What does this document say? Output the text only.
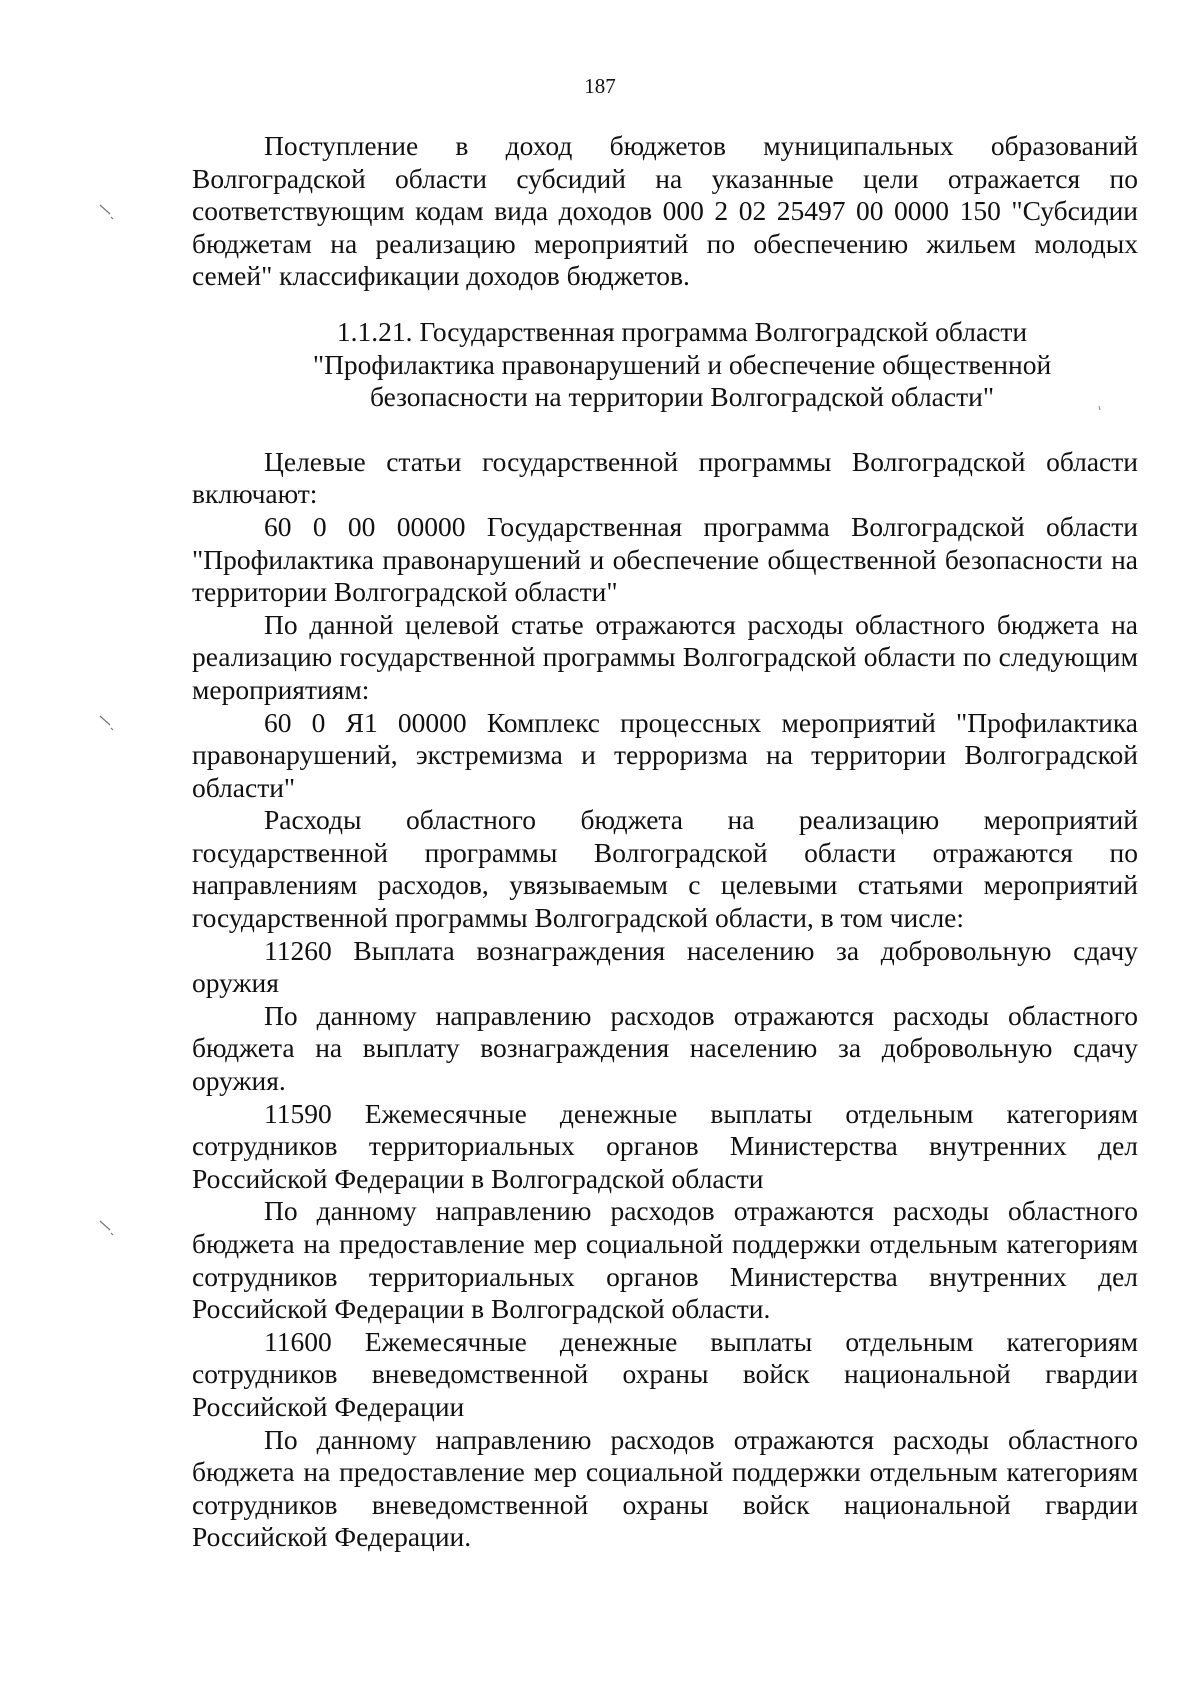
187

Поступление в доход бюджетов муниципальных образований Волгоградской области субсидий на указанные цели отражается по соответствующим кодам вида доходов 000 2 02 25497 00 0000 150 "Субсидии бюджетам на реализацию мероприятий по обеспечению жильем молодых семей" классификации доходов бюджетов.

1.1.21. Государственная программа Волгоградской области

"Профилактика правонарушений и обеспечение общественной

безопасности на территории Волгоградской области"

Целевые статьи государственной программы Волгоградской области включают:

60 0 00 00000 Государственная программа Волгоградской области "Профилактика правонарушений и обеспечение общественной безопасности на территории Волгоградской области"

По данной целевой статье отражаются расходы областного бюджета на реализацию государственной программы Волгоградской области по следующим мероприятиям:

60 0 Я1 00000 Комплекс процессных мероприятий "Профилактика правонарушений, экстремизма и терроризма на территории Волгоградской области"

Расходы областного бюджета на реализацию мероприятий государственной программы Волгоградской области отражаются по направлениям расходов, увязываемым с целевыми статьями мероприятий государственной программы Волгоградской области, в том числе:

11260 Выплата вознаграждения населению за добровольную сдачу оружия

По данному направлению расходов отражаются расходы областного бюджета на выплату вознаграждения населению за добровольную сдачу оружия.

11590 Ежемесячные денежные выплаты отдельным категориям сотрудников территориальных органов Министерства внутренних дел Российской Федерации в Волгоградской области

По данному направлению расходов отражаются расходы областного бюджета на предоставление мер социальной поддержки отдельным категориям сотрудников территориальных органов Министерства внутренних дел Российской Федерации в Волгоградской области.

11600 Ежемесячные денежные выплаты отдельным категориям сотрудников вневедомственной охраны войск национальной гвардии Российской Федерации

По данному направлению расходов отражаются расходы областного бюджета на предоставление мер социальной поддержки отдельным категориям сотрудников вневедомственной охраны войск национальной гвардии Российской Федерации.
